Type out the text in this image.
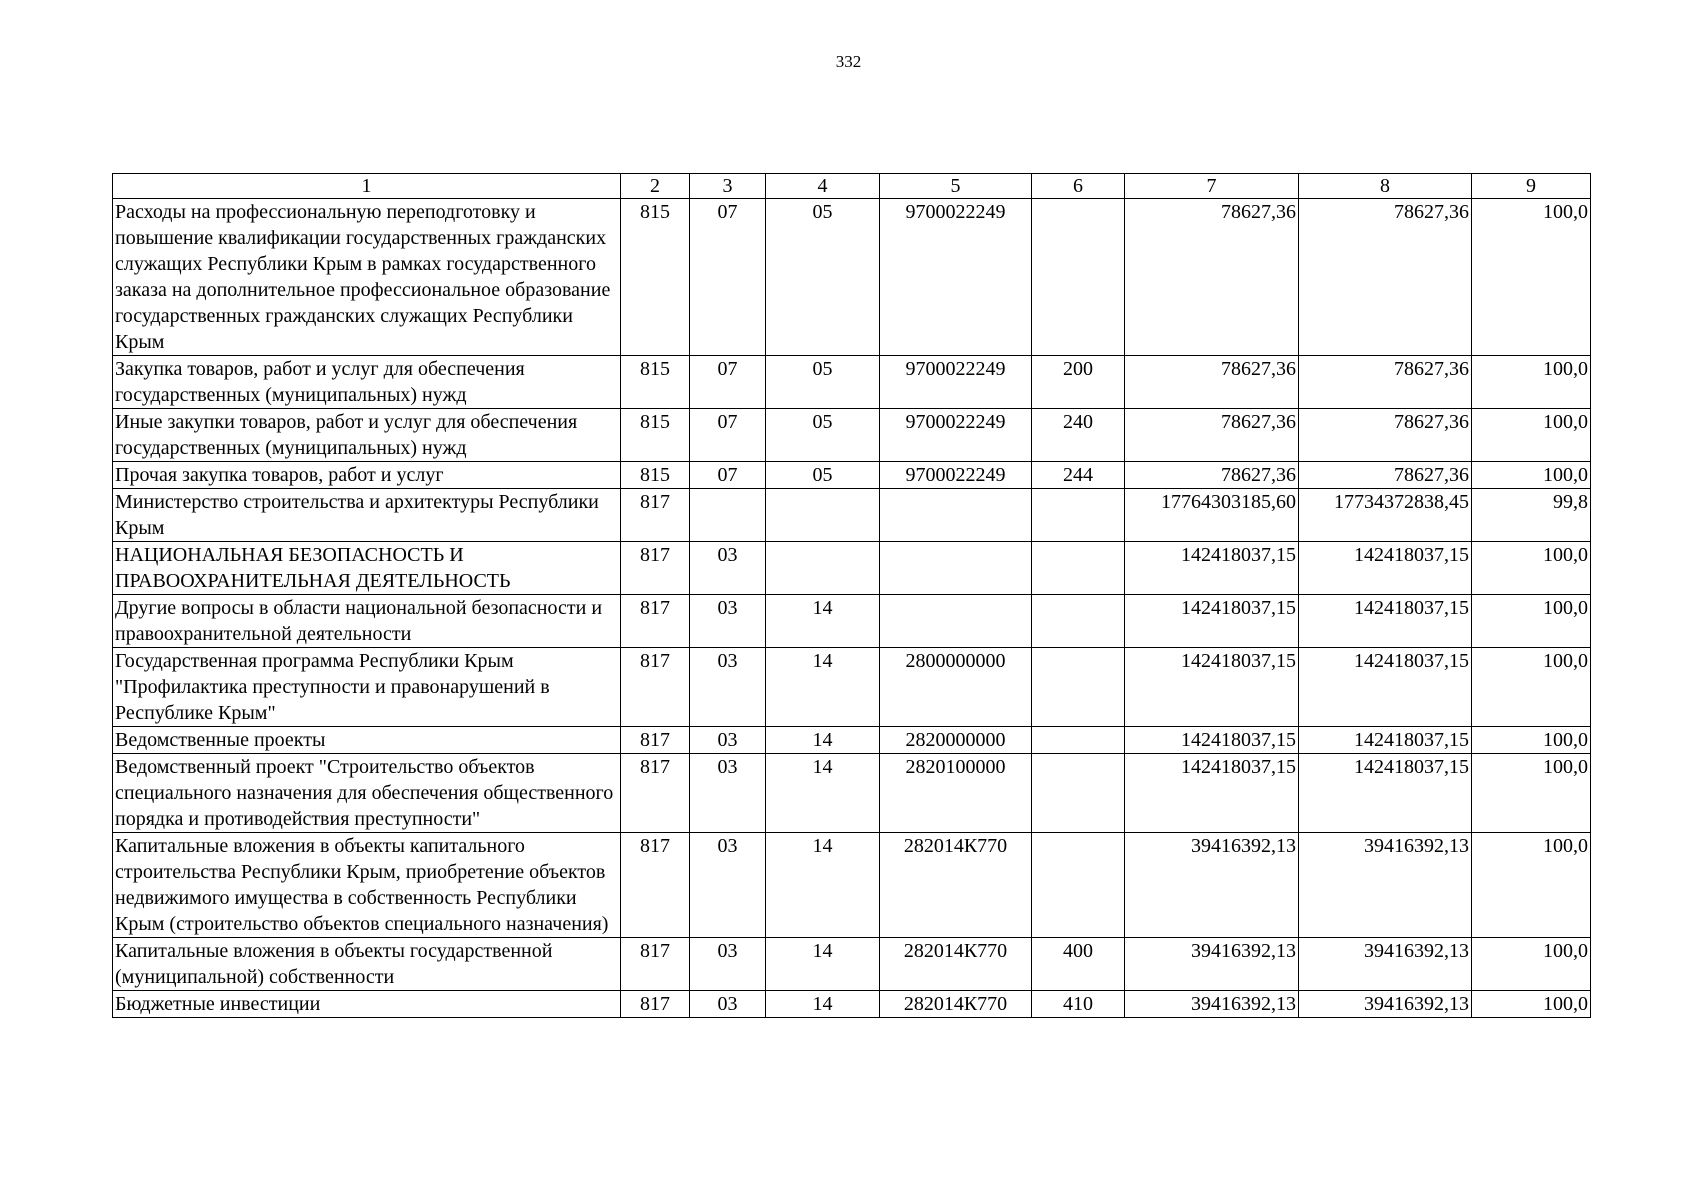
332
1	2	3	4	5	6	7	8	9
Расходы на профессиональную переподготовку и повышение квалификации государственных гражданских служащих Республики Крым в рамках государственного заказа на дополнительное профессиональное образование государственных гражданских служащих Республики Крым	815	07	05	9700022249		78627,36	78627,36	100,0
Закупка товаров, работ и услуг для обеспечения государственных (муниципальных) нужд	815	07	05	9700022249	200	78627,36	78627,36	100,0
Иные закупки товаров, работ и услуг для обеспечения государственных (муниципальных) нужд	815	07	05	9700022249	240	78627,36	78627,36	100,0
Прочая закупка товаров, работ и услуг	815	07	05	9700022249	244	78627,36	78627,36	100,0
Министерство строительства и архитектуры Республики Крым	817					17764303185,60	17734372838,45	99,8
НАЦИОНАЛЬНАЯ БЕЗОПАСНОСТЬ И ПРАВООХРАНИТЕЛЬНАЯ ДЕЯТЕЛЬНОСТЬ	817	03				142418037,15	142418037,15	100,0
Другие вопросы в области национальной безопасности и правоохранительной деятельности	817	03	14			142418037,15	142418037,15	100,0
Государственная программа Республики Крым "Профилактика преступности и правонарушений в Республике Крым"	817	03	14	2800000000		142418037,15	142418037,15	100,0
Ведомственные проекты	817	03	14	2820000000		142418037,15	142418037,15	100,0
Ведомственный проект "Строительство объектов специального назначения для обеспечения общественного порядка и противодействия преступности"	817	03	14	2820100000		142418037,15	142418037,15	100,0
Капитальные вложения в объекты капитального строительства Республики Крым, приобретение объектов недвижимого имущества в собственность Республики Крым (строительство объектов специального назначения)	817	03	14	282014К770		39416392,13	39416392,13	100,0
Капитальные вложения в объекты государственной (муниципальной) собственности	817	03	14	282014К770	400	39416392,13	39416392,13	100,0
Бюджетные инвестиции	817	03	14	282014К770	410	39416392,13	39416392,13	100,0
